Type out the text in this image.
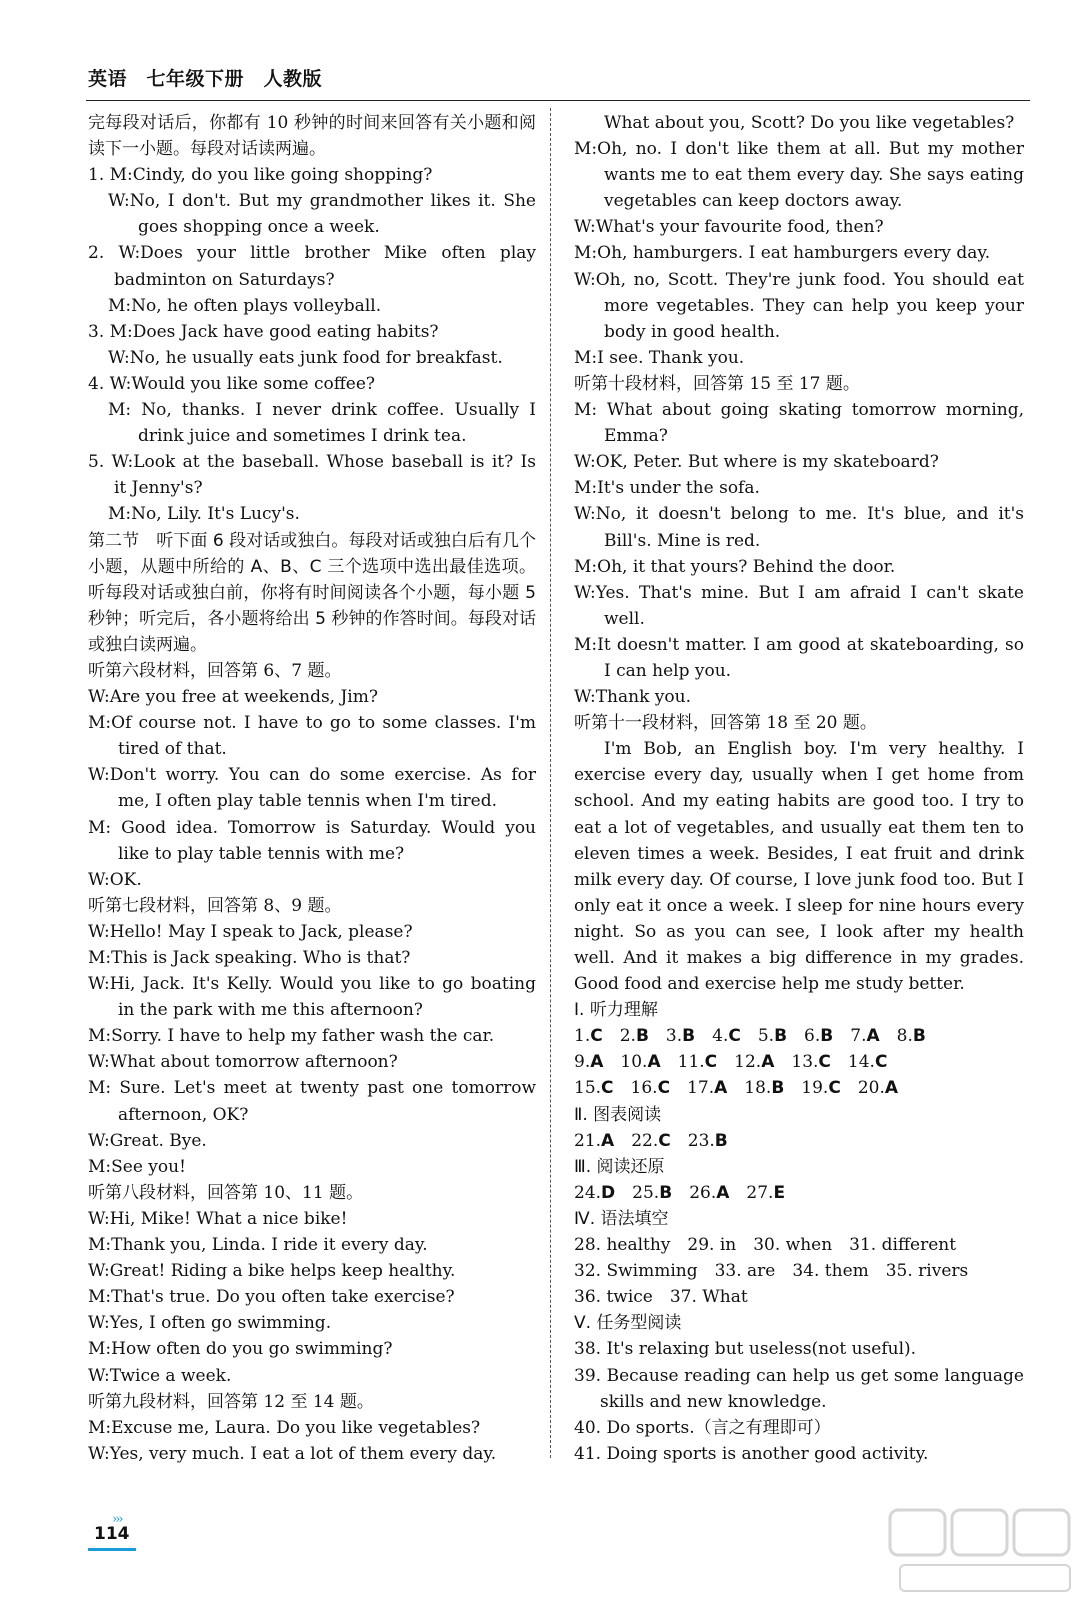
英语　七年级下册　人教版

完每段对话后，你都有 10 秒钟的时间来回答有关小题和阅读下一小题。每段对话读两遍。

1. M:Cindy, do you like going shopping?

W:No, I don't. But my grandmother likes it. She goes shopping once a week.

2. W:Does your little brother Mike often play badminton on Saturdays?

M:No, he often plays volleyball.

3. M:Does Jack have good eating habits?

W:No, he usually eats junk food for breakfast.

4. W:Would you like some coffee?

M: No, thanks. I never drink coffee. Usually I drink juice and sometimes I drink tea.

5. W:Look at the baseball. Whose baseball is it? Is it Jenny's?

M:No, Lily. It's Lucy's.

第二节　听下面 6 段对话或独白。每段对话或独白后有几个小题，从题中所给的 A、B、C 三个选项中选出最佳选项。听每段对话或独白前，你将有时间阅读各个小题，每小题 5 秒钟；听完后，各小题将给出 5 秒钟的作答时间。每段对话或独白读两遍。

听第六段材料，回答第 6、7 题。

W:Are you free at weekends, Jim?

M:Of course not. I have to go to some classes. I'm tired of that.

W:Don't worry. You can do some exercise. As for me, I often play table tennis when I'm tired.

M: Good idea. Tomorrow is Saturday. Would you like to play table tennis with me?

W:OK.

听第七段材料，回答第 8、9 题。

W:Hello! May I speak to Jack, please?

M:This is Jack speaking. Who is that?

W:Hi, Jack. It's Kelly. Would you like to go boating in the park with me this afternoon?

M:Sorry. I have to help my father wash the car.

W:What about tomorrow afternoon?

M: Sure. Let's meet at twenty past one tomorrow afternoon, OK?

W:Great. Bye.

M:See you!

听第八段材料，回答第 10、11 题。

W:Hi, Mike! What a nice bike!

M:Thank you, Linda. I ride it every day.

W:Great! Riding a bike helps keep healthy.

M:That's true. Do you often take exercise?

W:Yes, I often go swimming.

M:How often do you go swimming?

W:Twice a week.

听第九段材料，回答第 12 至 14 题。

M:Excuse me, Laura. Do you like vegetables?

W:Yes, very much. I eat a lot of them every day.

What about you, Scott? Do you like vegetables?

M:Oh, no. I don't like them at all. But my mother wants me to eat them every day. She says eating vegetables can keep doctors away.

W:What's your favourite food, then?

M:Oh, hamburgers. I eat hamburgers every day.

W:Oh, no, Scott. They're junk food. You should eat more vegetables. They can help you keep your body in good health.

M:I see. Thank you.

听第十段材料，回答第 15 至 17 题。

M: What about going skating tomorrow morning, Emma?

W:OK, Peter. But where is my skateboard?

M:It's under the sofa.

W:No, it doesn't belong to me. It's blue, and it's Bill's. Mine is red.

M:Oh, it that yours? Behind the door.

W:Yes. That's mine. But I am afraid I can't skate well.

M:It doesn't matter. I am good at skateboarding, so I can help you.

W:Thank you.

听第十一段材料，回答第 18 至 20 题。

I'm Bob, an English boy. I'm very healthy. I exercise every day, usually when I get home from school. And my eating habits are good too. I try to eat a lot of vegetables, and usually eat them ten to eleven times a week. Besides, I eat fruit and drink milk every day. Of course, I love junk food too. But I only eat it once a week. I sleep for nine hours every night. So as you can see, I look after my health well. And it makes a big difference in my grades. Good food and exercise help me study better.

Ⅰ. 听力理解

1.C   2.B   3.B   4.C   5.B   6.B   7.A   8.B  

9.A   10.A   11.C   12.A   13.C   14.C  

15.C   16.C   17.A   18.B   19.C   20.A  

Ⅱ. 图表阅读

21.A   22.C   23.B  

Ⅲ. 阅读还原

24.D   25.B   26.A   27.E  

Ⅳ. 语法填空

28. healthy　29. in　30. when　31. different

32. Swimming　33. are　34. them　35. rivers

36. twice　37. What

Ⅴ. 任务型阅读

38. It's relaxing but useless(not useful).

39. Because reading can help us get some language skills and new knowledge.

40. Do sports.（言之有理即可）

41. Doing sports is another good activity.

›››
114
